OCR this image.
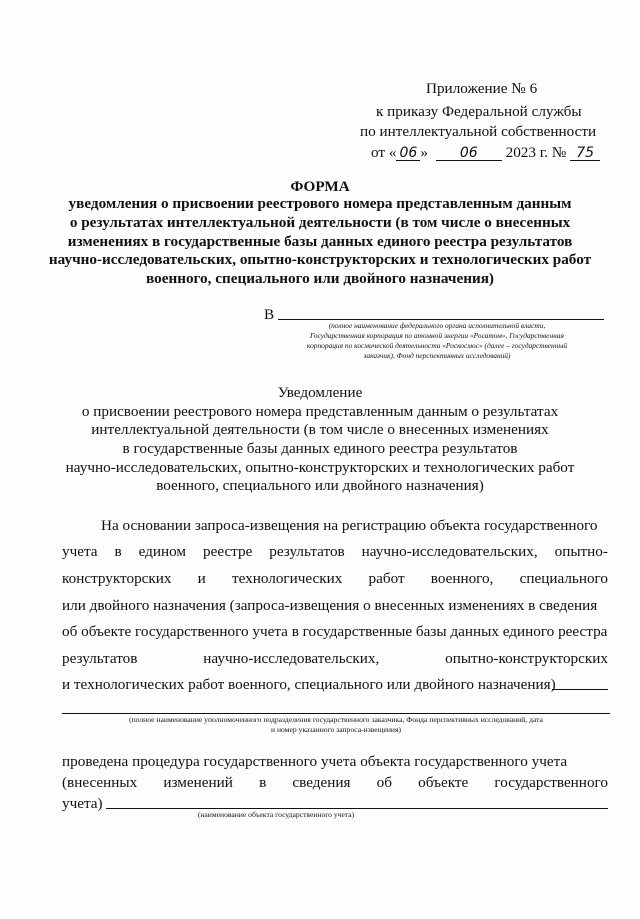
Приложение № 6
к приказу Федеральной службы
по интеллектуальной собственности
от « 06 » 06 2023 г. № 75
ФОРМА
уведомления о присвоении реестрового номера представленным данным
о результатах интеллектуальной деятельности (в том числе о внесенных
изменениях в государственные базы данных единого реестра результатов
научно-исследовательских, опытно-конструкторских и технологических работ
военного, специального или двойного назначения)
В
(полное наименование федерального органа исполнительной власти,
Государственная корпорация по атомной энергии «Росатом», Государственная
корпорация по космической деятельности «Роскосмос» (далее – государственный
заказчик), Фонд перспективных исследований)
Уведомление
о присвоении реестрового номера представленным данным о результатах
интеллектуальной деятельности (в том числе о внесенных изменениях
в государственные базы данных единого реестра результатов
научно-исследовательских, опытно-конструкторских и технологических работ
военного, специального или двойного назначения)
На основании запроса-извещения на регистрацию объекта государственного
учета в едином реестре результатов научно-исследовательских, опытно-
конструкторских и технологических работ военного, специального
или двойного назначения (запроса-извещения о внесенных изменениях в сведения
об объекте государственного учета в государственные базы данных единого реестра
результатов	научно-исследовательских,	опытно-конструкторских
и технологических работ военного, специального или двойного назначения)
(полное наименование уполномоченного подразделения государственного заказчика, Фонда перспективных исследований, дата
и номер указанного запроса-извещения)
проведена процедура государственного учета объекта государственного учета
(внесенных изменений в сведения об объекте государственного
учета)
(наименование объекта государственного учета)
